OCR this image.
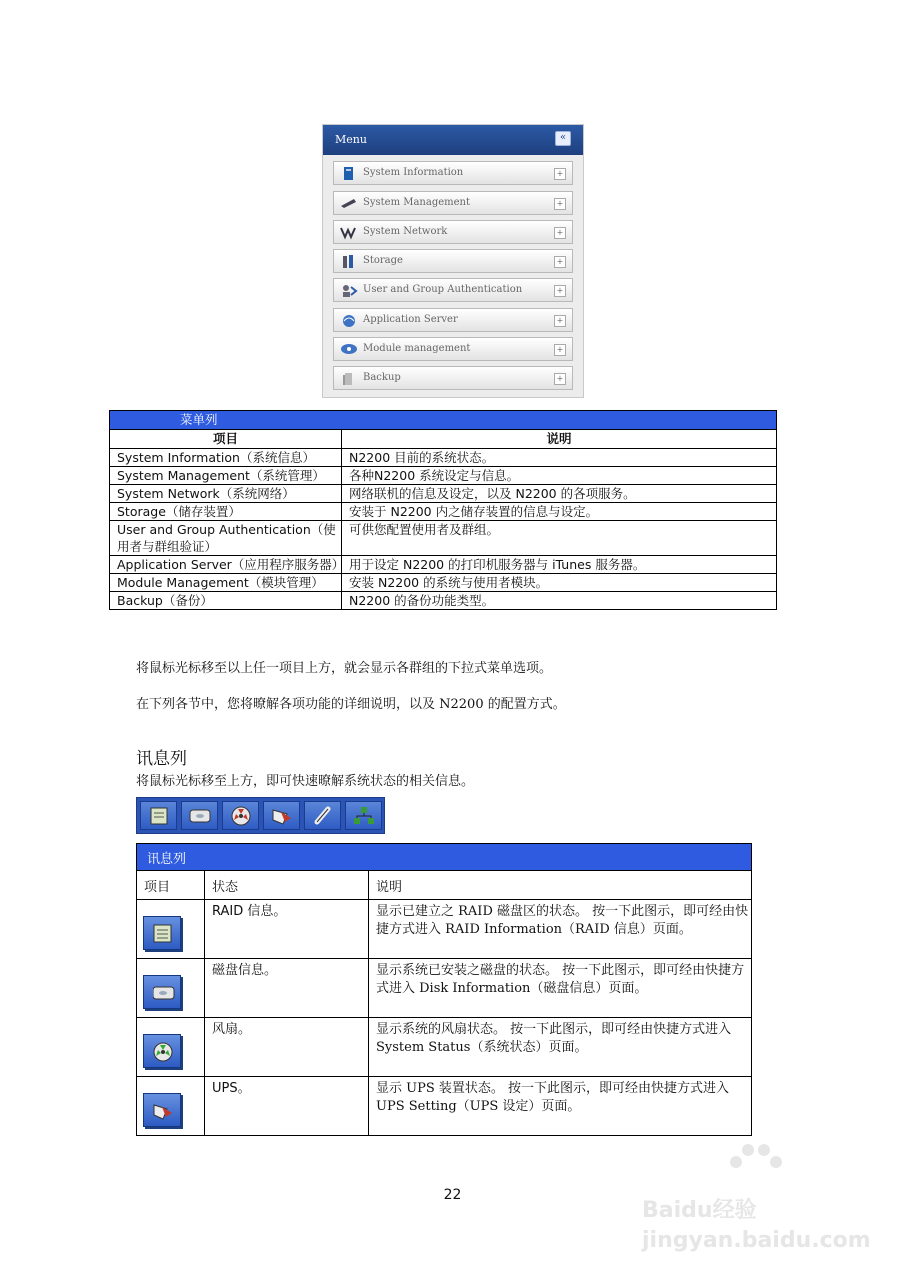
Menu	«
System Information	+
System Management	+
System Network	+
Storage	+
User and Group Authentication	+
Application Server	+
Module management	+
Backup	+
菜单列	
项目	说明
System Information（系统信息）	N2200 目前的系统状态。
System Management（系统管理）	各种N2200 系统设定与信息。
System Network（系统网络）	网络联机的信息及设定，以及 N2200 的各项服务。
Storage（储存装置）	安装于 N2200 内之储存装置的信息与设定。
User and Group Authentication（使用者与群组验证）	可供您配置使用者及群组。
Application Server（应用程序服务器）	用于设定 N2200 的打印机服务器与 iTunes 服务器。
Module Management（模块管理）	安装 N2200 的系统与使用者模块。
Backup（备份）	N2200 的备份功能类型。
将鼠标光标移至以上任一项目上方，就会显示各群组的下拉式菜单选项。
在下列各节中，您将暸解各项功能的详细说明，以及 N2200 的配置方式。
讯息列
将鼠标光标移至上方，即可快速暸解系统状态的相关信息。
讯息列		
项目	状态	说明

	RAID 信息。	显示已建立之 RAID 磁盘区的状态。 按一下此图示，即可经由快捷方式进入 RAID Information（RAID 信息）页面。

	磁盘信息。	显示系统已安装之磁盘的状态。 按一下此图示，即可经由快捷方式进入 Disk Information（磁盘信息）页面。

	风扇。	显示系统的风扇状态。 按一下此图示，即可经由快捷方式进入 System Status（系统状态）页面。

	UPS。	显示 UPS 装置状态。 按一下此图示，即可经由快捷方式进入 UPS Setting（UPS 设定）页面。
22
Baidu经验 jingyan.baidu.com
